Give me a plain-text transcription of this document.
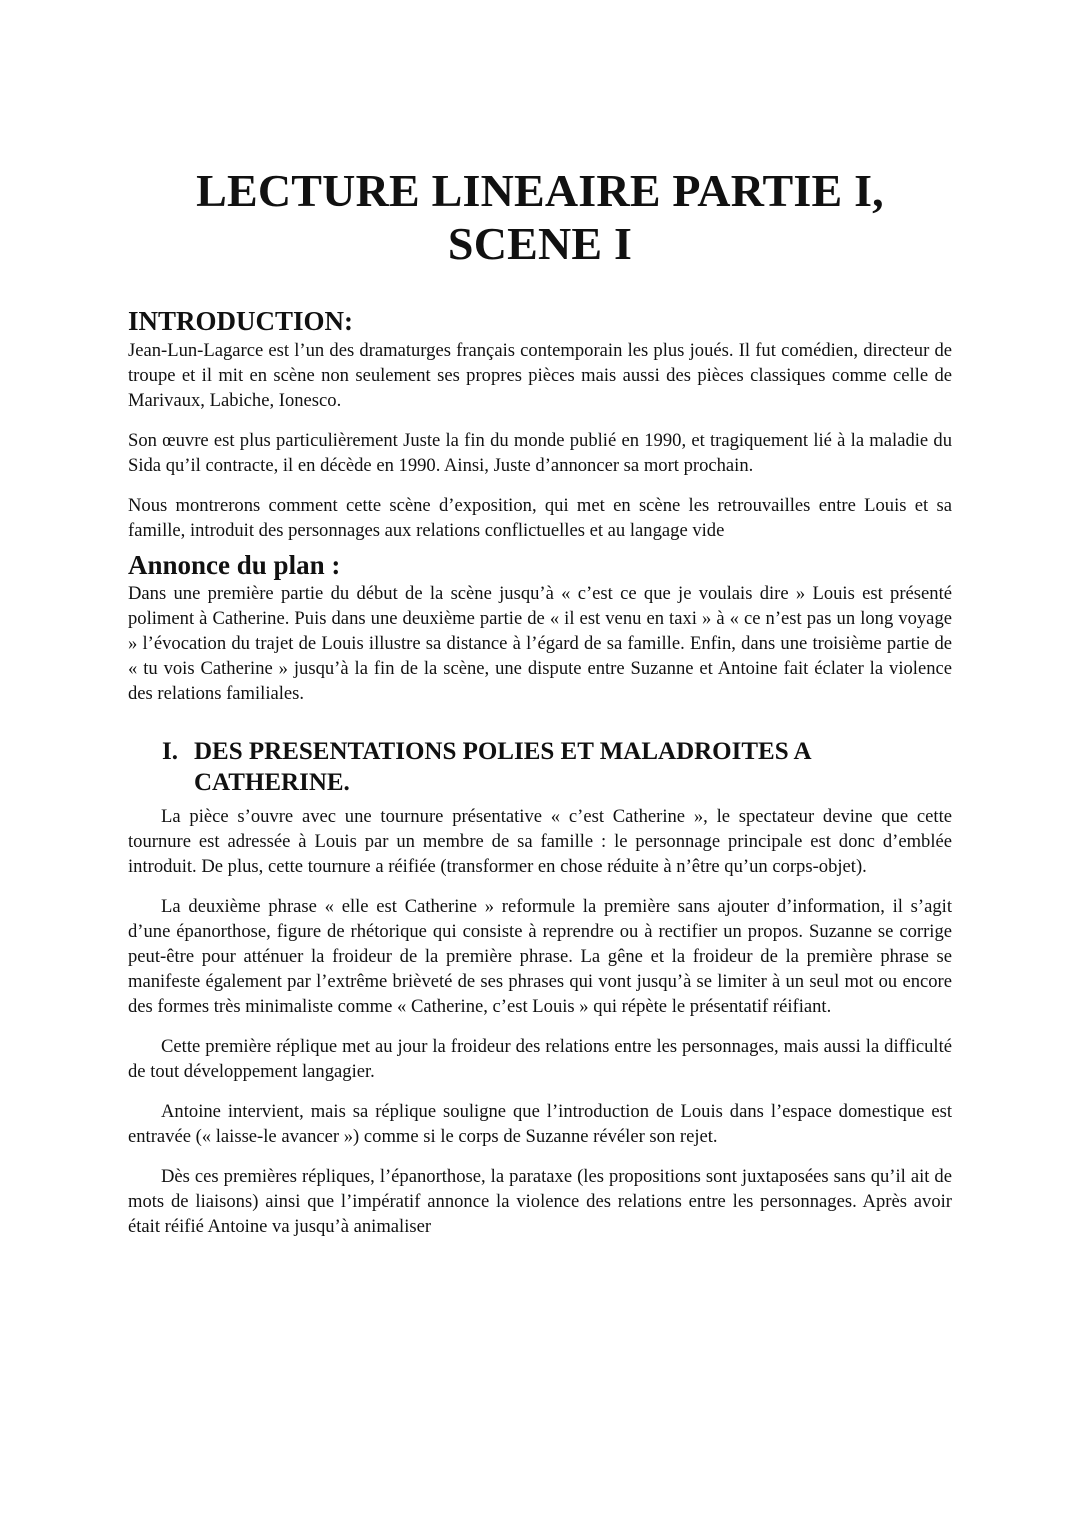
LECTURE LINEAIRE PARTIE I,
SCENE I
INTRODUCTION:

Jean-Lun-Lagarce est l’un des dramaturges français contemporain les plus joués. Il fut comédien, directeur de troupe et il mit en scène non seulement ses propres pièces mais aussi des pièces classiques comme celle de Marivaux, Labiche, Ionesco.

Son œuvre est plus particulièrement Juste la fin du monde publié en 1990, et tragiquement lié à la maladie du Sida qu’il contracte, il en décède en 1990. Ainsi, Juste d’annoncer sa mort prochain.

Nous montrerons comment cette scène d’exposition, qui met en scène les retrouvailles entre Louis et sa famille, introduit des personnages aux relations conflictuelles et au langage vide

Annonce du plan :

Dans une première partie du début de la scène jusqu’à « c’est ce que je voulais dire » Louis est présenté poliment à Catherine. Puis dans une deuxième partie de « il est venu en taxi » à « ce n’est pas un long voyage » l’évocation du trajet de Louis illustre sa distance à l’égard de sa famille. Enfin, dans une troisième partie de « tu vois Catherine » jusqu’à la fin de la scène, une dispute entre Suzanne et Antoine fait éclater la violence des relations familiales.

I. DES PRESENTATIONS POLIES ET MALADROITES A
CATHERINE.

La pièce s’ouvre avec une tournure présentative « c’est Catherine », le spectateur devine que cette tournure est adressée à Louis par un membre de sa famille : le personnage principale est donc d’emblée introduit. De plus, cette tournure a réifiée (transformer en chose réduite à n’être qu’un corps-objet).

La deuxième phrase « elle est Catherine » reformule la première sans ajouter d’information, il s’agit d’une épanorthose, figure de rhétorique qui consiste à reprendre ou à rectifier un propos. Suzanne se corrige peut-être pour atténuer la froideur de la première phrase. La gêne et la froideur de la première phrase se manifeste également par l’extrême brièveté de ses phrases qui vont jusqu’à se limiter à un seul mot ou encore des formes très minimaliste comme « Catherine, c’est Louis » qui répète le présentatif réifiant.

Cette première réplique met au jour la froideur des relations entre les personnages, mais aussi la difficulté de tout développement langagier.

Antoine intervient, mais sa réplique souligne que l’introduction de Louis dans l’espace domestique est entravée (« laisse-le avancer ») comme si le corps de Suzanne révéler son rejet.

Dès ces premières répliques, l’épanorthose, la parataxe (les propositions sont juxtaposées sans qu’il ait de mots de liaisons) ainsi que l’impératif annonce la violence des relations entre les personnages. Après avoir était réifié Antoine va jusqu’à animaliser
